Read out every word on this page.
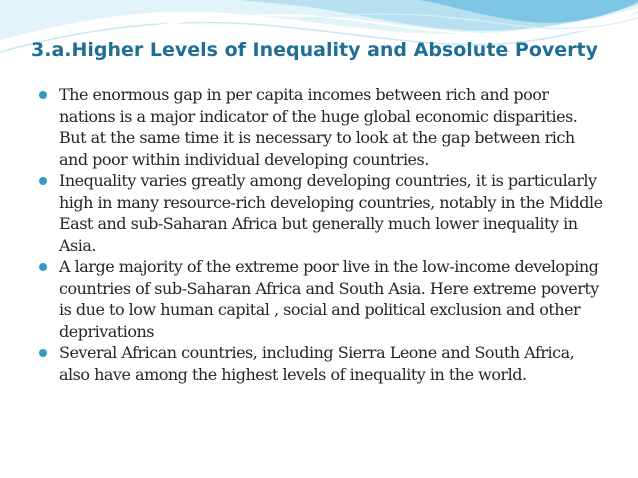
3.a.Higher Levels of Inequality and Absolute Poverty
The enormous gap in per capita incomes between rich and poor nations is a major indicator of the huge global economic disparities. But at the same time it is necessary to look at the gap between rich and poor within individual developing countries.
Inequality varies greatly among developing countries, it is particularly high in many resource-rich developing countries, notably in the Middle East and sub-Saharan Africa but generally much lower inequality in Asia.
A large majority of the extreme poor live in the low-income developing countries of sub-Saharan Africa and South Asia. Here extreme poverty is due to low human capital , social and political exclusion and other deprivations
Several African countries, including Sierra Leone and South Africa, also have among the highest levels of inequality in the world.
